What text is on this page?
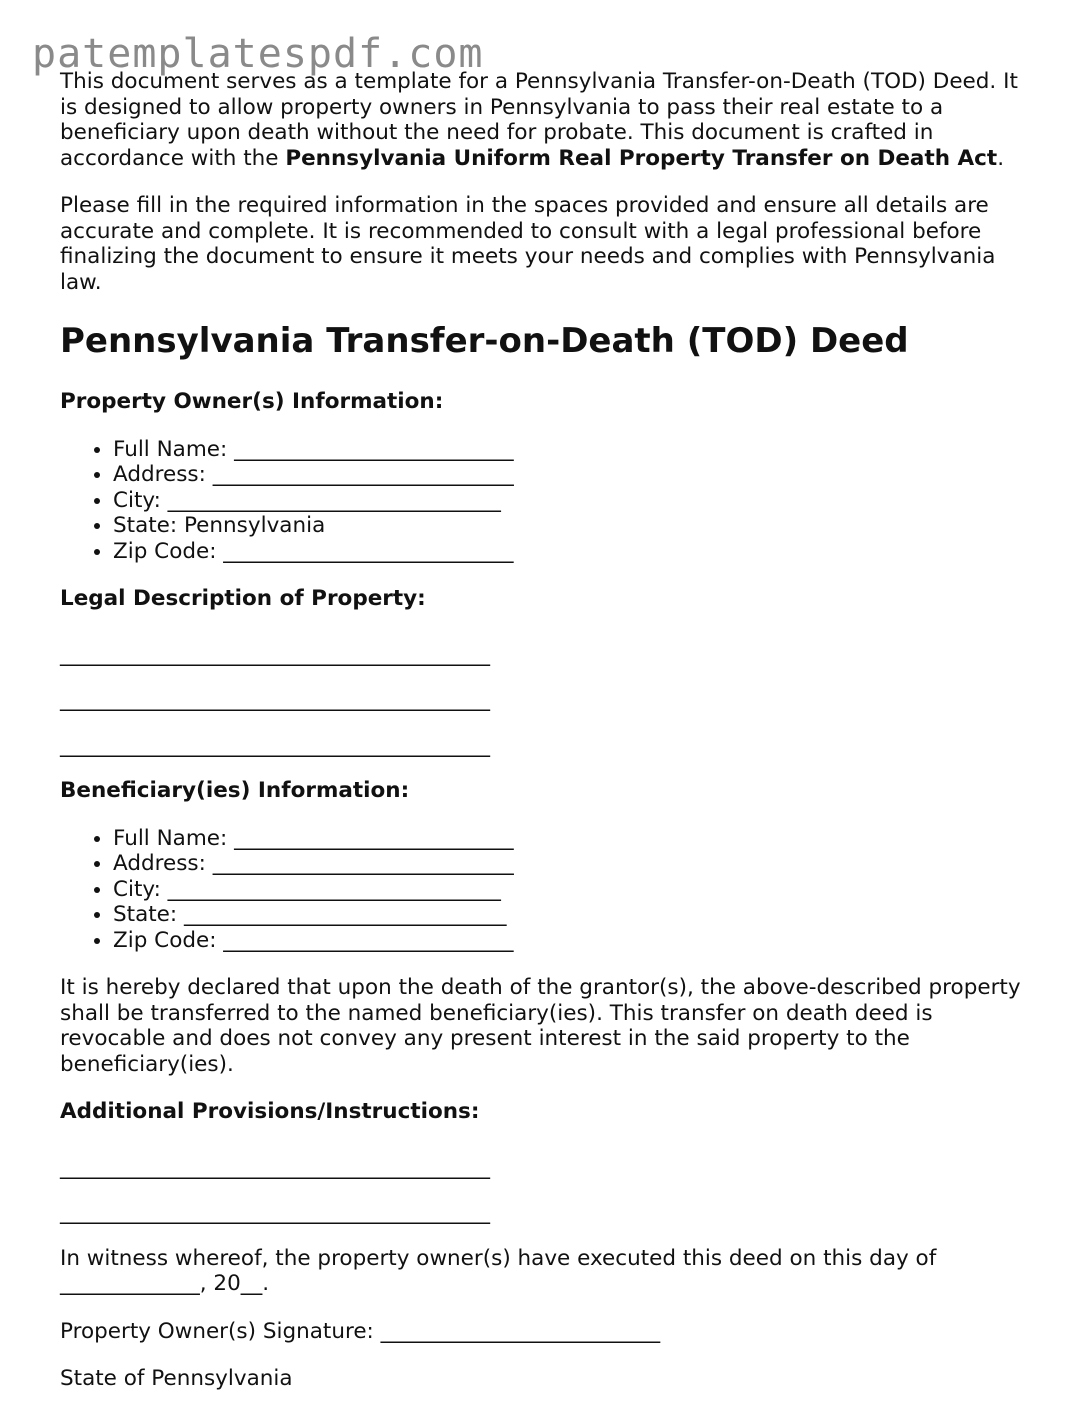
patemplatespdf.com

This document serves as a template for a Pennsylvania Transfer-on-Death (TOD) Deed. It is designed to allow property owners in Pennsylvania to pass their real estate to a beneficiary upon death without the need for probate. This document is crafted in accordance with the Pennsylvania Uniform Real Property Transfer on Death Act.

Please fill in the required information in the spaces provided and ensure all details are accurate and complete. It is recommended to consult with a legal professional before finalizing the document to ensure it meets your needs and complies with Pennsylvania law.

Pennsylvania Transfer-on-Death (TOD) Deed
Property Owner(s) Information:
• Full Name: __________________________
• Address: ____________________________
• City: _______________________________
• State: Pennsylvania
• Zip Code: ___________________________
Legal Description of Property:
________________________________________
________________________________________
________________________________________
Beneficiary(ies) Information:
• Full Name: __________________________
• Address: ____________________________
• City: _______________________________
• State: ______________________________
• Zip Code: ___________________________

It is hereby declared that upon the death of the grantor(s), the above-described property shall be transferred to the named beneficiary(ies). This transfer on death deed is revocable and does not convey any present interest in the said property to the beneficiary(ies).

Additional Provisions/Instructions:
________________________________________
________________________________________

In witness whereof, the property owner(s) have executed this deed on this day of _____________, 20__.

Property Owner(s) Signature: __________________________

State of Pennsylvania
